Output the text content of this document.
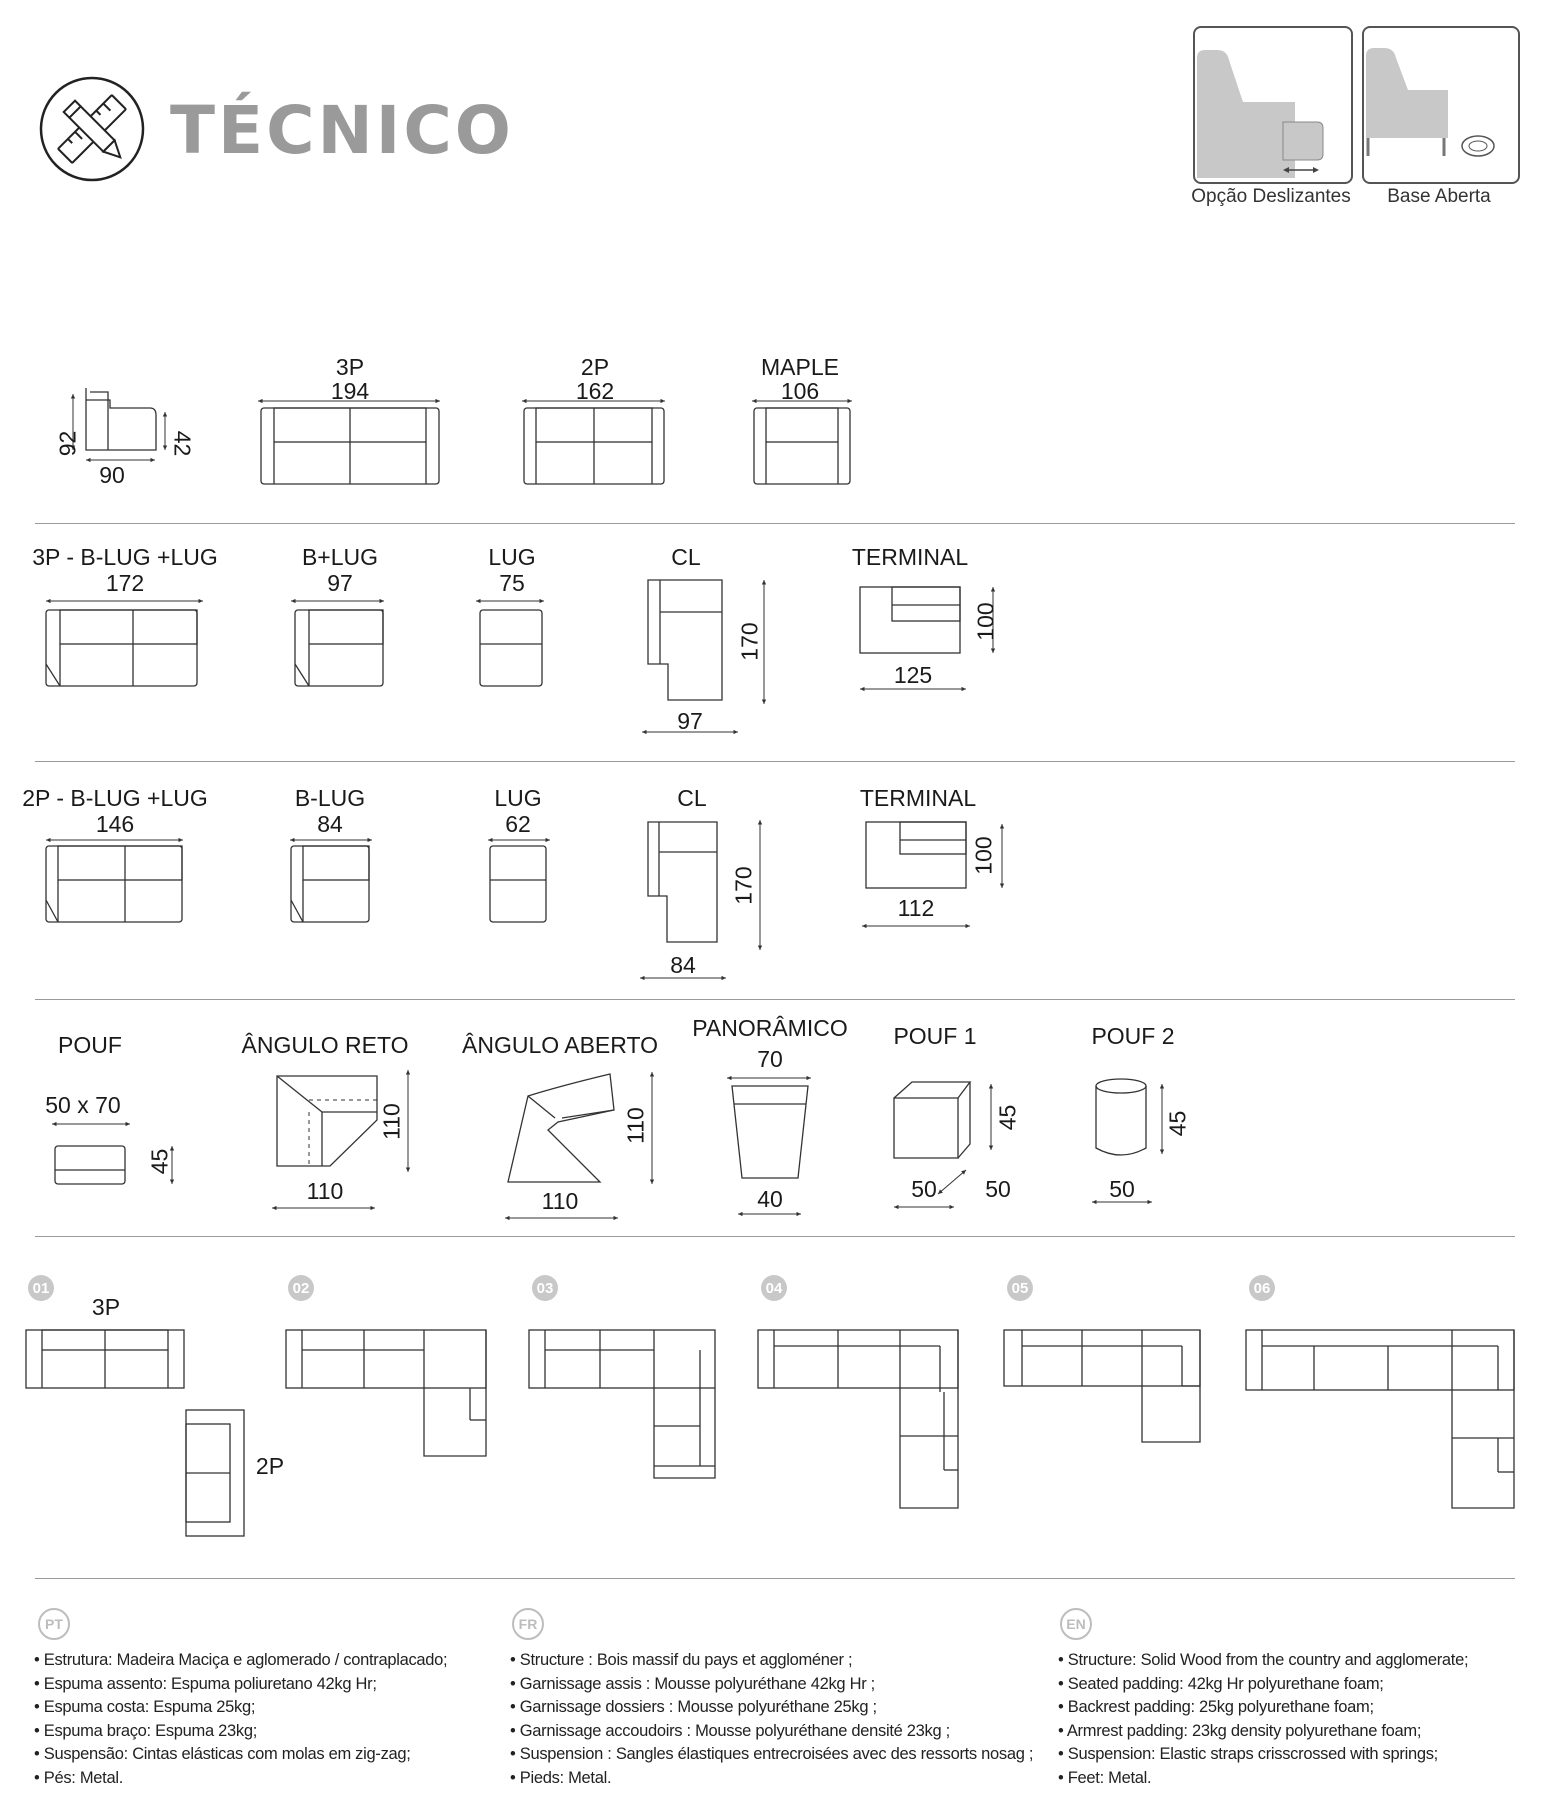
TÉCNICO
Opção Deslizantes	Base Aberta
92	42
90
3P
194
2P
162
MAPLE
106
3P - B-LUG +LUG
172
B+LUG
97
LUG
75
CL
97
170
TERMINAL
125
100
2P - B-LUG +LUG
146
B-LUG
84
LUG
62
CL
84
170
TERMINAL
112
100
POUF
50 x 70
45
ÂNGULO RETO
110
110
ÂNGULO ABERTO
110
110
PANORÂMICO
70
40
POUF 1
50	50
45
POUF 2
50
45
01	02	03	04	05	06
3P
2P
PT	FR	EN
• Estrutura: Madeira Maciça e aglomerado / contraplacado;
• Espuma assento: Espuma poliuretano 42kg Hr;
• Espuma costa: Espuma 25kg;
• Espuma braço: Espuma 23kg;
• Suspensão: Cintas elásticas com molas em zig-zag;
• Pés: Metal.
• Structure : Bois massif du pays et aggloméner ;
• Garnissage assis : Mousse polyuréthane 42kg Hr ;
• Garnissage dossiers : Mousse polyuréthane 25kg ;
• Garnissage accoudoirs : Mousse polyuréthane densité 23kg ;
• Suspension : Sangles élastiques entrecroisées avec des ressorts nosag ;
• Pieds: Metal.
• Structure: Solid Wood from the country and agglomerate;
• Seated padding: 42kg Hr polyurethane foam;
• Backrest padding: 25kg polyurethane foam;
• Armrest padding: 23kg density polyurethane foam;
• Suspension: Elastic straps crisscrossed with springs;
• Feet: Metal.
